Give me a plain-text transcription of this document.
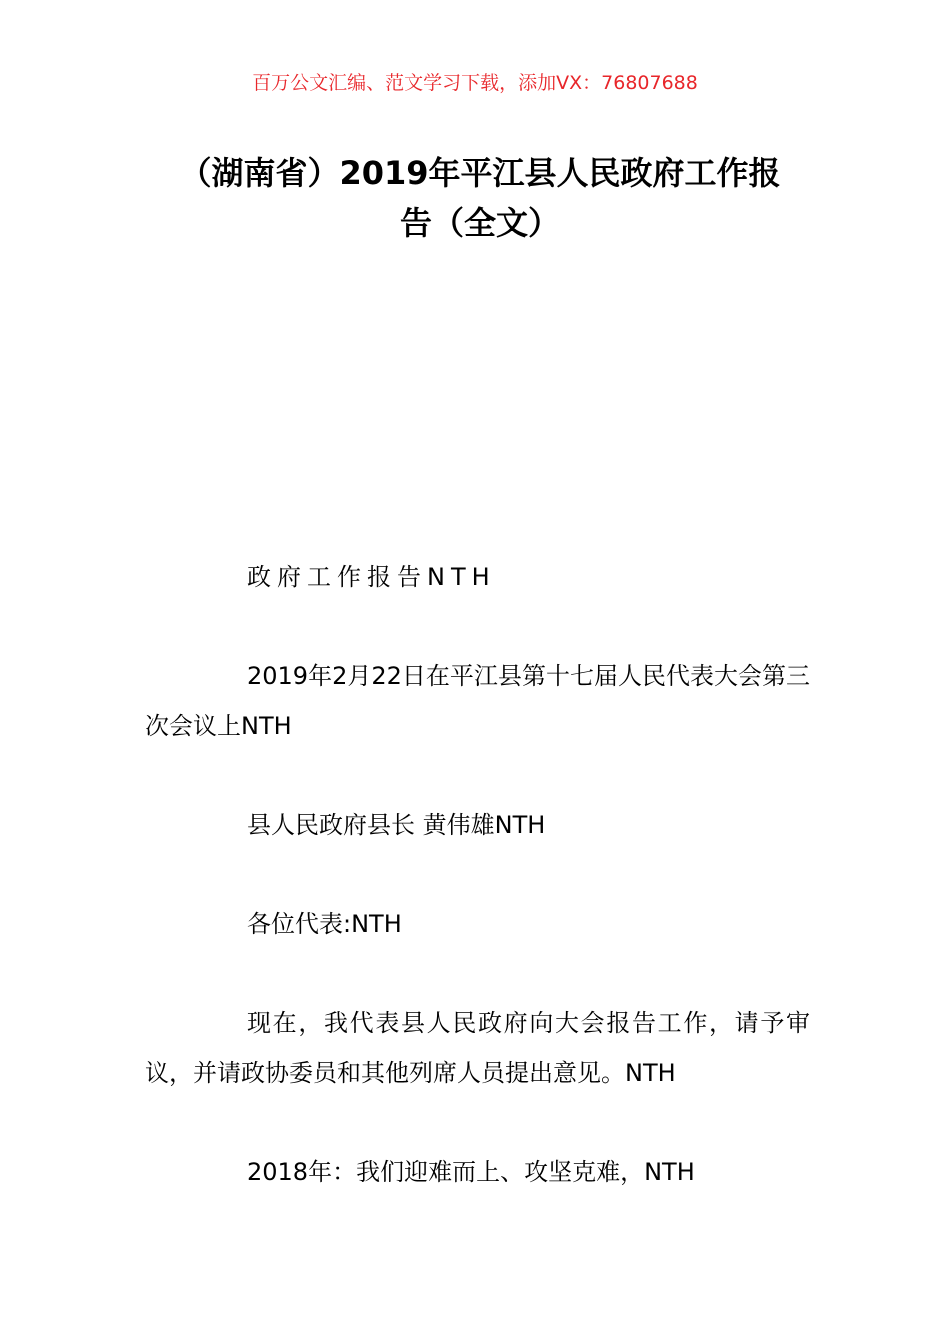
百万公文汇编、范文学习下载，添加VX：76807688
（湖南省）2019年平江县人民政府工作报
告（全文）

政府工作报告NTH

2019年2月22日在平江县第十七届人民代表大会第三次会议上NTH

县人民政府县长 黄伟雄NTH

各位代表:NTH

现在，我代表县人民政府向大会报告工作，请予审议，并请政协委员和其他列席人员提出意见。NTH

2018年：我们迎难而上、攻坚克难，NTH
